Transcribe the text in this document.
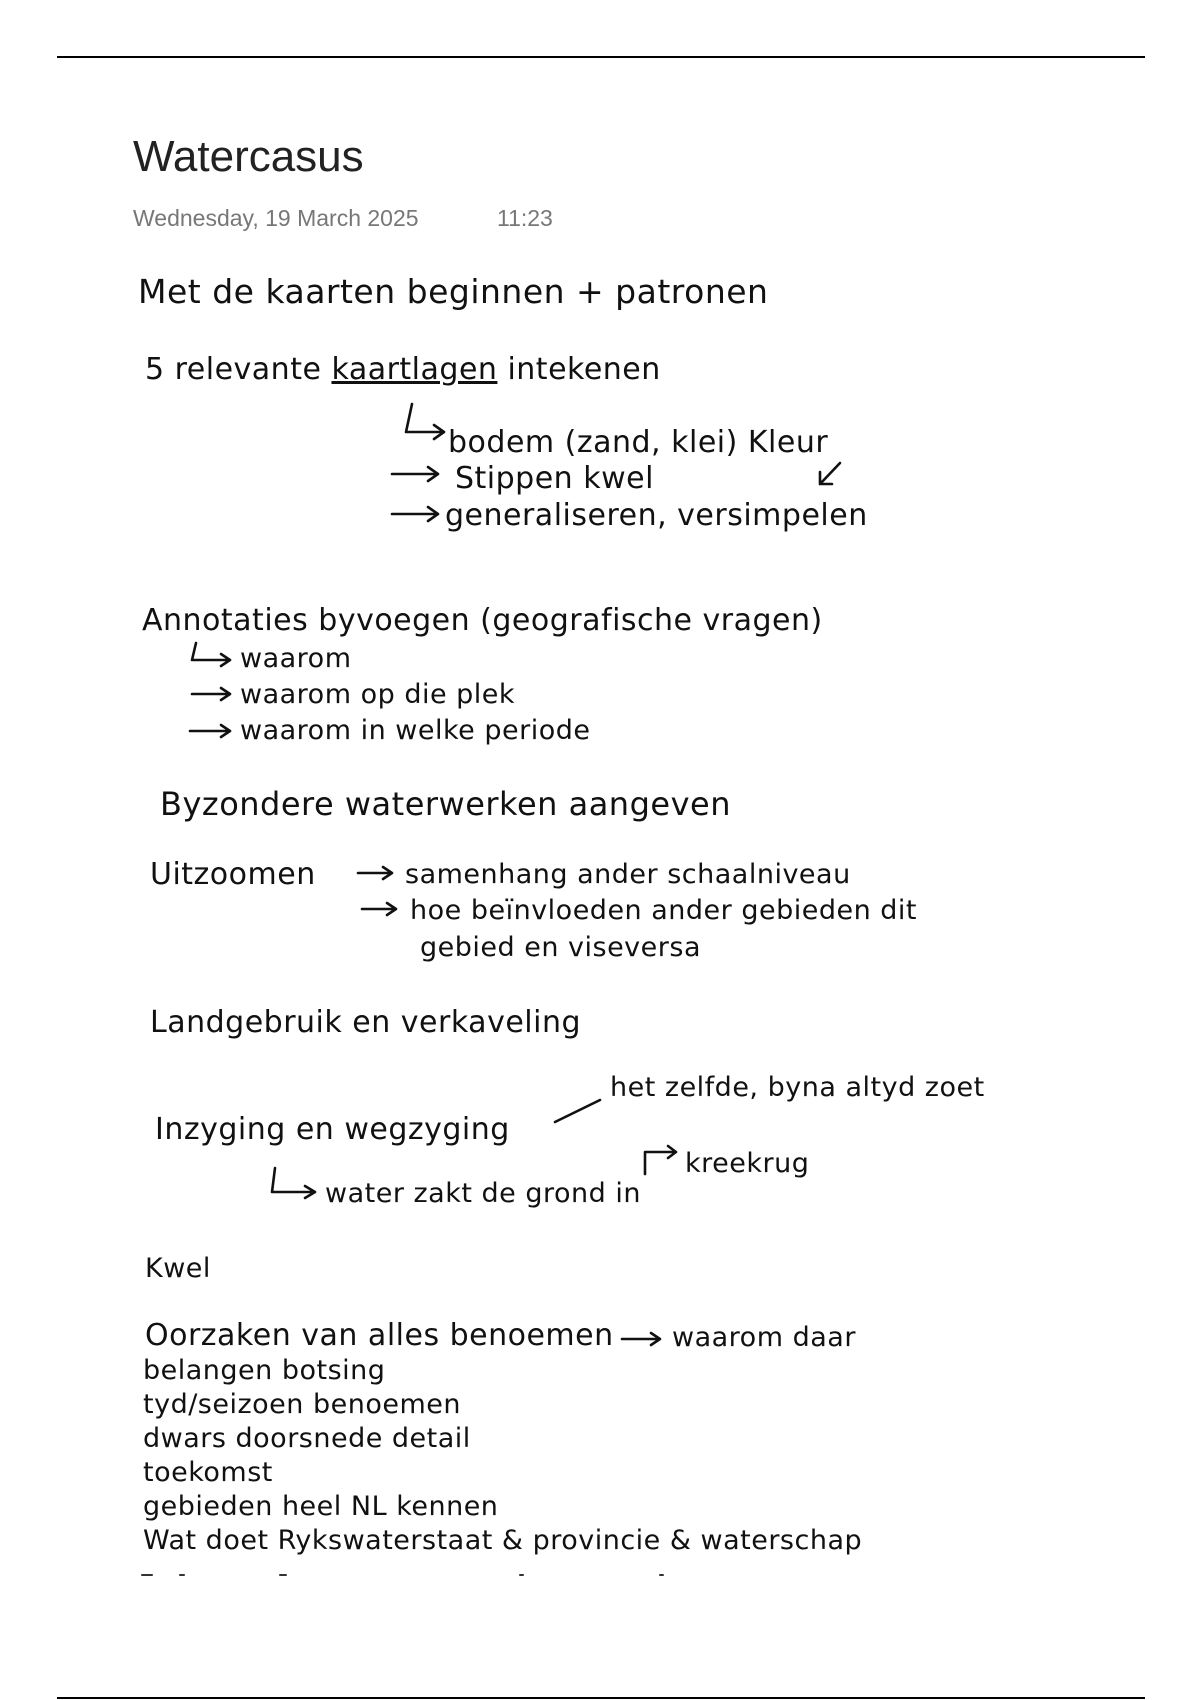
Watercasus
Wednesday, 19 March 2025	11:23
Met de kaarten beginnen + patronen
5 relevante kaartlagen intekenen
bodem (zand, klei) Kleur
Stippen kwel
generaliseren, versimpelen
Annotaties byvoegen (geografische vragen)
waarom
waarom op die plek
waarom in welke periode
Byzondere waterwerken aangeven
Uitzoomen	samenhang ander schaalniveau
hoe beïnvloeden ander gebieden dit
gebied en viseversa
Landgebruik en verkaveling
het zelfde, byna altyd zoet
Inzyging en wegzyging
kreekrug
water zakt de grond in
Kwel
Oorzaken van alles benoemen waarom daar
belangen botsing
tyd/seizoen benoemen
dwars doorsnede detail
toekomst
gebieden heel NL kennen
Wat doet Rykswaterstaat & provincie & waterschap
